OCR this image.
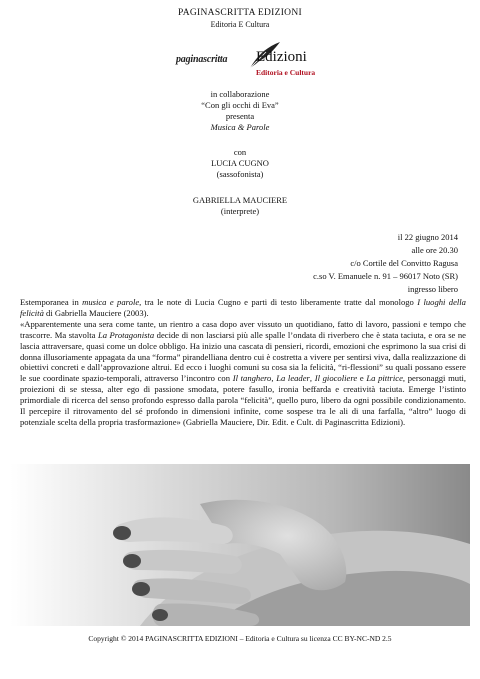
PAGINASCRITTA EDIZIONI
Editoria E Cultura
paginascritta Edizioni
Editoria e Cultura
in collaborazione
“Con gli occhi di Eva”
presenta
Musica & Parole
con
LUCIA CUGNO
(sassofonista)
GABRIELLA MAUCIERE
(interprete)
il 22 giugno 2014
alle ore 20.30
c/o Cortile del Convitto Ragusa
c.so V. Emanuele n. 91 – 96017 Noto (SR)
ingresso libero

Estemporanea in musica e parole, tra le note di Lucia Cugno e parti di testo liberamente tratte dal monologo I luoghi della felicità di Gabriella Mauciere (2003).

«Apparentemente una sera come tante, un rientro a casa dopo aver vissuto un quotidiano, fatto di lavoro, passioni e tempo che trascorre. Ma stavolta La Protagonista decide di non lasciarsi più alle spalle l’ondata di riverbero che è stata taciuta, e ora se ne lascia attraversare, quasi come un dolce obbligo. Ha inizio una cascata di pensieri, ricordi, emozioni che esprimono la sua crisi di donna illusoriamente appagata da una “forma” pirandelliana dentro cui è costretta a vivere per sentirsi viva, dalla realizzazione di obiettivi concreti e dall’approvazione altrui. Ed ecco i luoghi comuni su cosa sia la felicità, “ri-flessioni” su quali possano essere le sue coordinate spazio-temporali, attraverso l’incontro con Il tanghero, La leader, Il giocoliere e La pittrice, personaggi muti, proiezioni di se stessa, alter ego di passione smodata, potere fasullo, ironia beffarda e creatività taciuta. Emerge l’istinto primordiale di ricerca del senso profondo espresso dalla parola “felicità”, quello puro, libero da ogni possibile condizionamento. Il percepire il ritrovamento del sé profondo in dimensioni infinite, come sospese tra le ali di una farfalla, “altro” luogo di potenziale scelta della propria trasformazione» (Gabriella Mauciere, Dir. Edit. e Cult. di Paginascritta Edizioni).

Copyright © 2014 PAGINASCRITTA EDIZIONI – Editoria e Cultura su licenza CC BY-NC-ND 2.5
